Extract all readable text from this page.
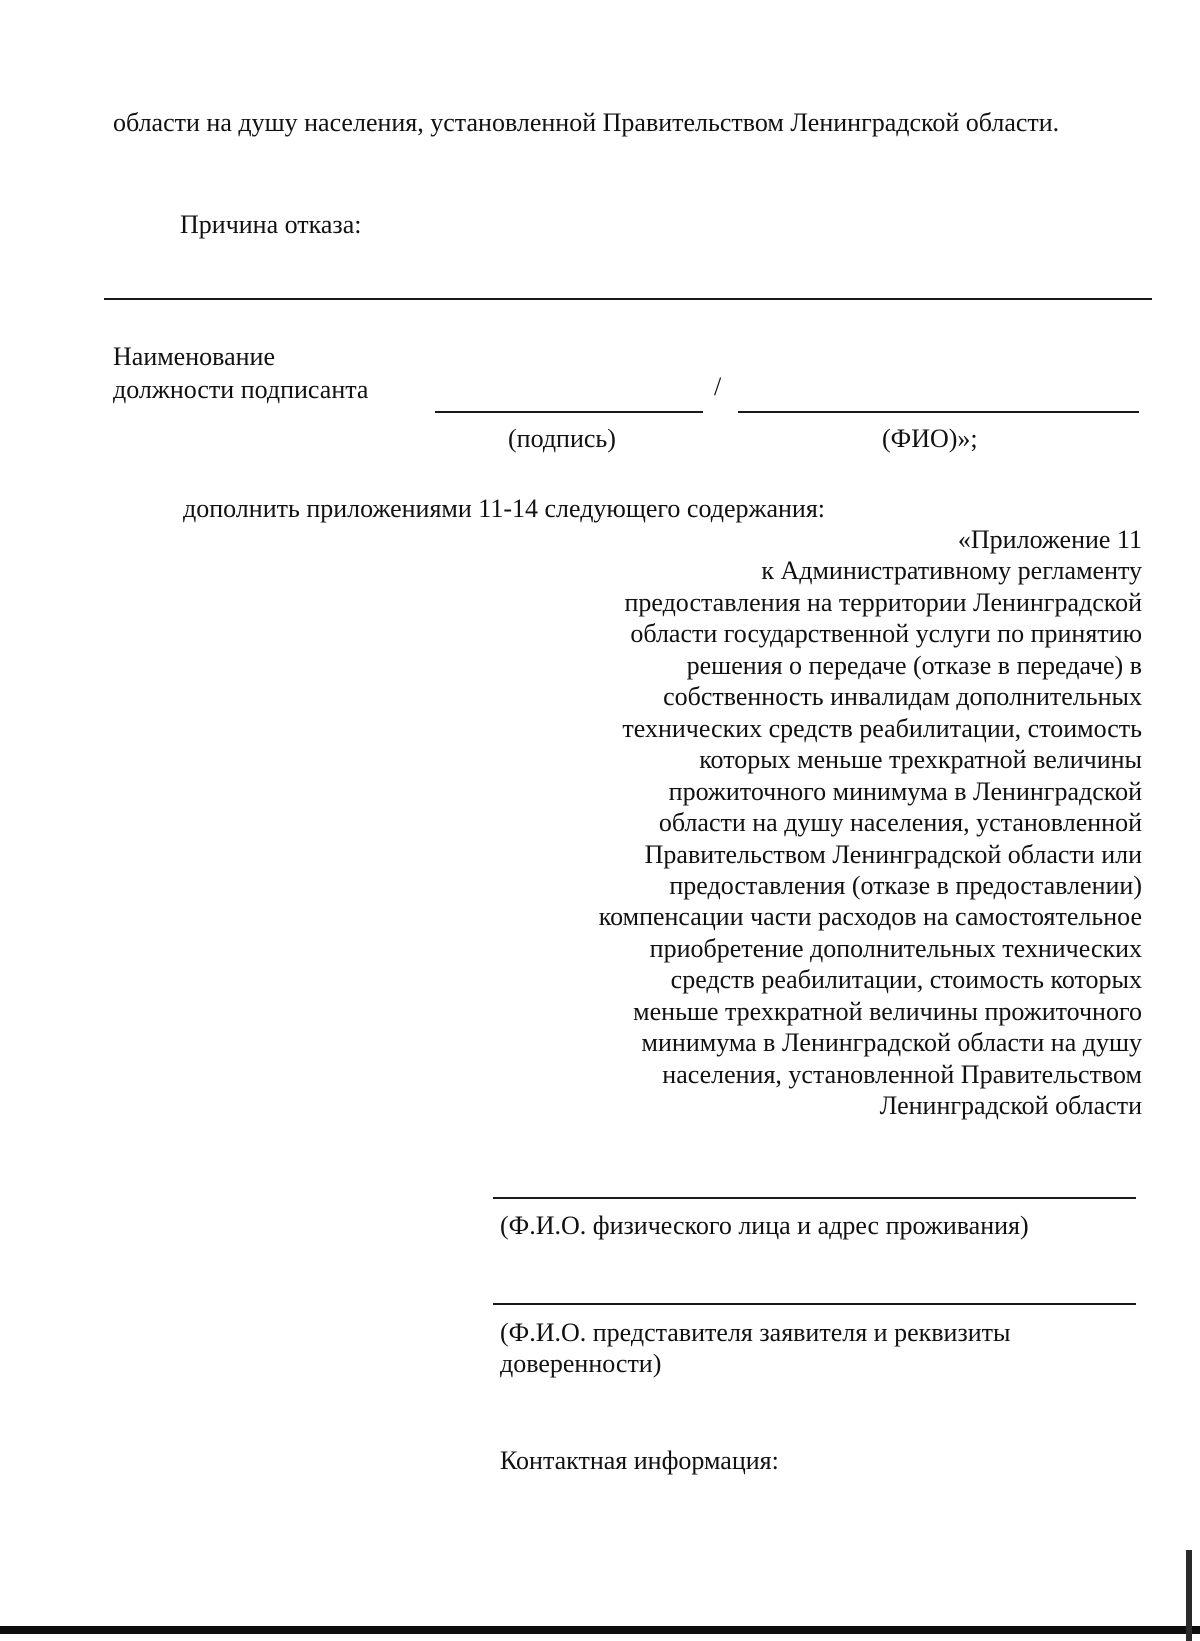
области на душу населения, установленной Правительством Ленинградской области.
Причина отказа:
Наименование
должности подписанта	/
(подпись)	(ФИО)»;
дополнить приложениями 11-14 следующего содержания:
«Приложение 11
к Административному регламенту
предоставления на территории Ленинградской
области государственной услуги по принятию
решения о передаче (отказе в передаче) в
собственность инвалидам дополнительных
технических средств реабилитации, стоимость
которых меньше трехкратной величины
прожиточного минимума в Ленинградской
области на душу населения, установленной
Правительством Ленинградской области или
предоставления (отказе в предоставлении)
компенсации части расходов на самостоятельное
приобретение дополнительных технических
средств реабилитации, стоимость которых
меньше трехкратной величины прожиточного
минимума в Ленинградской области на душу
населения, установленной Правительством
Ленинградской области
(Ф.И.О. физического лица и адрес проживания)
(Ф.И.О. представителя заявителя и реквизиты
доверенности)
Контактная информация:
